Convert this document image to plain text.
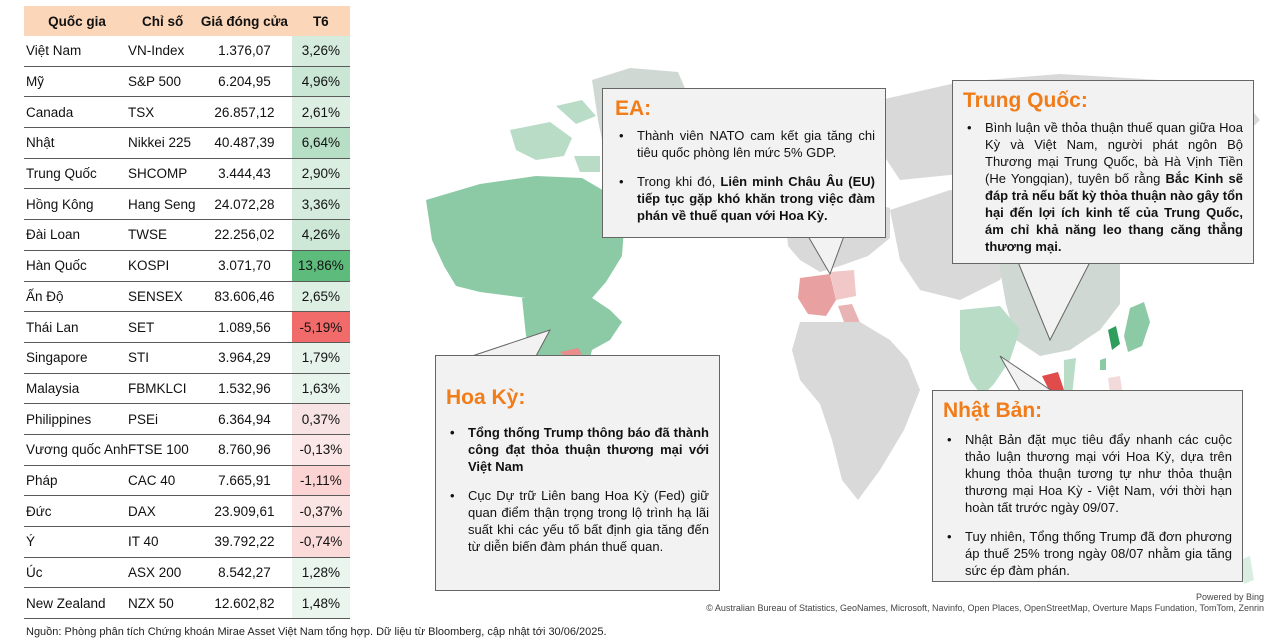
Quốc gia	Chỉ số	Giá đóng cửa	T6
Việt Nam	VN-Index	1.376,07	3,26%
Mỹ	S&P 500	6.204,95	4,96%
Canada	TSX	26.857,12	2,61%
Nhật	Nikkei 225	40.487,39	6,64%
Trung Quốc	SHCOMP	3.444,43	2,90%
Hồng Kông	Hang Seng	24.072,28	3,36%
Đài Loan	TWSE	22.256,02	4,26%
Hàn Quốc	KOSPI	3.071,70	13,86%
Ấn Độ	SENSEX	83.606,46	2,65%
Thái Lan	SET	1.089,56	-5,19%
Singapore	STI	3.964,29	1,79%
Malaysia	FBMKLCI	1.532,96	1,63%
Philippines	PSEi	6.364,94	0,37%
Vương quốc Anh	FTSE 100	8.760,96	-0,13%
Pháp	CAC 40	7.665,91	-1,11%
Đức	DAX	23.909,61	-0,37%
Ý	IT 40	39.792,22	-0,74%
Úc	ASX 200	8.542,27	1,28%
New Zealand	NZX 50	12.602,82	1,48%
Nguồn: Phòng phân tích Chứng khoán Mirae Asset Việt Nam tổng hợp. Dữ liệu từ Bloomberg, cập nhật tới 30/06/2025.
EA:
• Thành viên NATO cam kết gia tăng chi tiêu quốc phòng lên mức 5% GDP.
• Trong khi đó, Liên minh Châu Âu (EU) tiếp tục gặp khó khăn trong việc đàm phán về thuế quan với Hoa Kỳ.
Trung Quốc:
• Bình luận về thỏa thuận thuế quan giữa Hoa Kỳ và Việt Nam, người phát ngôn Bộ Thương mại Trung Quốc, bà Hà Vịnh Tiền (He Yongqian), tuyên bố rằng Bắc Kinh sẽ đáp trả nếu bất kỳ thỏa thuận nào gây tổn hại đến lợi ích kinh tế của Trung Quốc, ám chỉ khả năng leo thang căng thẳng thương mại.
Hoa Kỳ:
• Tổng thống Trump thông báo đã thành công đạt thỏa thuận thương mại với Việt Nam
• Cục Dự trữ Liên bang Hoa Kỳ (Fed) giữ quan điểm thận trọng trong lộ trình hạ lãi suất khi các yếu tố bất định gia tăng đến từ diễn biến đàm phán thuế quan.
Nhật Bản:
• Nhật Bản đặt mục tiêu đẩy nhanh các cuộc thảo luận thương mại với Hoa Kỳ, dựa trên khung thỏa thuận tương tự như thỏa thuận thương mại Hoa Kỳ - Việt Nam, với thời hạn hoàn tất trước ngày 09/07.
• Tuy nhiên, Tổng thống Trump đã đơn phương áp thuế 25% trong ngày 08/07 nhằm gia tăng sức ép đàm phán.
Powered by Bing
© Australian Bureau of Statistics, GeoNames, Microsoft, Navinfo, Open Places, OpenStreetMap, Overture Maps Fundation, TomTom, Zenrin
